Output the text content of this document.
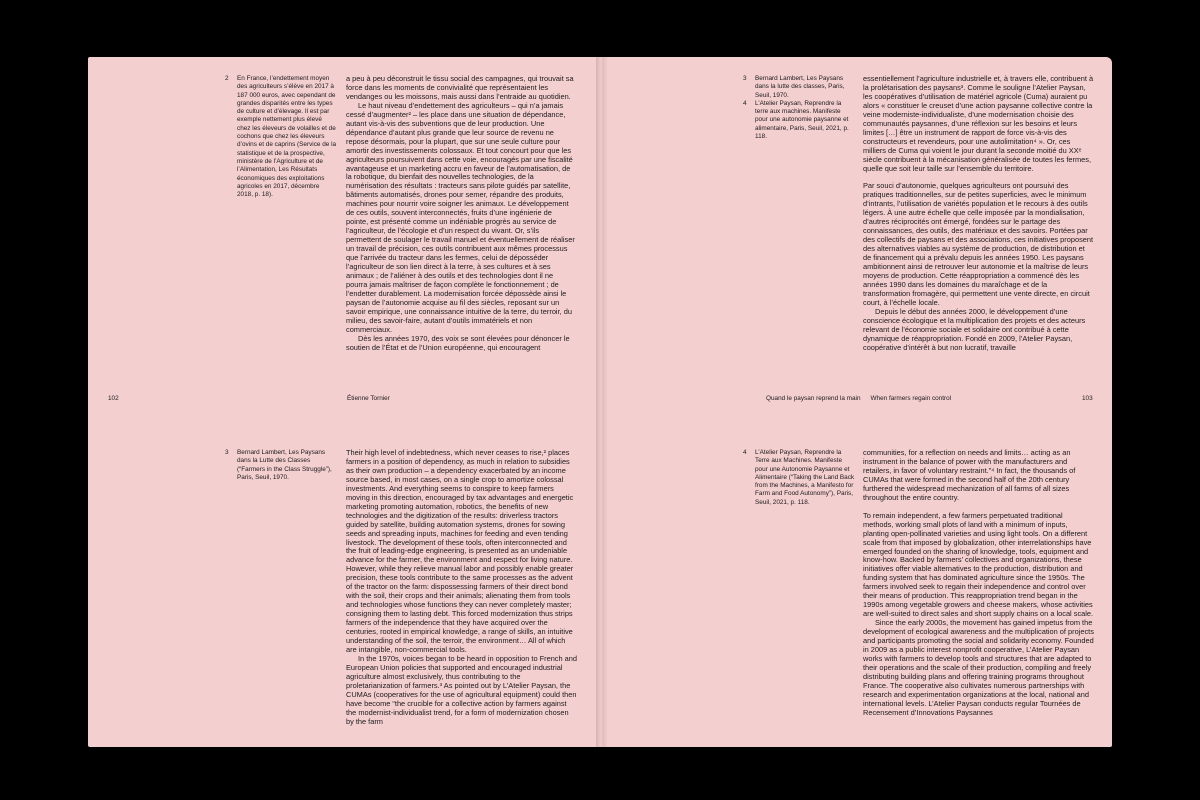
2 En France, l’endettement moyen des agriculteurs s’élève en 2017 à 187 000 euros, avec cependant de grandes disparités entre les types de culture et d’élevage. Il est par exemple nettement plus élevé chez les éleveurs de volailles et de cochons que chez les éleveurs d’ovins et de caprins (Service de la statistique et de la prospective, ministère de l’Agriculture et de l’Alimentation, Les Résultats économiques des exploitations agricoles en 2017, décembre 2018, p. 18).

a peu à peu déconstruit le tissu social des campagnes, qui trouvait sa force dans les moments de convivialité que représentaient les vendanges ou les moissons, mais aussi dans l’entraide au quotidien.

Le haut niveau d’endettement des agriculteurs – qui n’a jamais cessé d’augmenter² – les place dans une situation de dépendance, autant vis-à-vis des subventions que de leur production. Une dépendance d’autant plus grande que leur source de revenu ne repose désormais, pour la plupart, que sur une seule culture pour amortir des investissements colossaux. Et tout concourt pour que les agriculteurs poursuivent dans cette voie, encouragés par une fiscalité avantageuse et un marketing accru en faveur de l’automatisation, de la robotique, du bienfait des nouvelles technologies, de la numérisation des résultats : tracteurs sans pilote guidés par satellite, bâtiments automatisés, drones pour semer, répandre des produits, machines pour nourrir voire soigner les animaux. Le développement de ces outils, souvent interconnectés, fruits d’une ingénierie de pointe, est présenté comme un indéniable progrès au service de l’agriculteur, de l’écologie et d’un respect du vivant. Or, s’ils permettent de soulager le travail manuel et éventuellement de réaliser un travail de précision, ces outils contribuent aux mêmes processus que l’arrivée du tracteur dans les fermes, celui de déposséder l’agriculteur de son lien direct à la terre, à ses cultures et à ses animaux ; de l’aliéner à des outils et des technologies dont il ne pourra jamais maîtriser de façon complète le fonctionnement ; de l’endetter durablement. La modernisation forcée dépossède ainsi le paysan de l’autonomie acquise au fil des siècles, reposant sur un savoir empirique, une connaissance intuitive de la terre, du terroir, du milieu, des savoir-faire, autant d’outils immatériels et non commerciaux.

Dès les années 1970, des voix se sont élevées pour dénoncer le soutien de l’État et de l’Union européenne, qui encouragent

102	Étienne Tornier
3 Bernard Lambert, Les Paysans dans la Lutte des Classes (“Farmers in the Class Struggle”), Paris, Seuil, 1970.

Their high level of indebtedness, which never ceases to rise,² places farmers in a position of dependency, as much in relation to subsidies as their own production – a dependency exacerbated by an income source based, in most cases, on a single crop to amortize colossal investments. And everything seems to conspire to keep farmers moving in this direction, encouraged by tax advantages and energetic marketing promoting automation, robotics, the benefits of new technologies and the digitization of the results: driverless tractors guided by satellite, building automation systems, drones for sowing seeds and spreading inputs, machines for feeding and even tending livestock. The development of these tools, often interconnected and the fruit of leading-edge engineering, is presented as an undeniable advance for the farmer, the environment and respect for living nature. However, while they relieve manual labor and possibly enable greater precision, these tools contribute to the same processes as the advent of the tractor on the farm: dispossessing farmers of their direct bond with the soil, their crops and their animals; alienating them from tools and technologies whose functions they can never completely master; consigning them to lasting debt. This forced modernization thus strips farmers of the independence that they have acquired over the centuries, rooted in empirical knowledge, a range of skills, an intuitive understanding of the soil, the terroir, the environment… All of which are intangible, non-commercial tools.

In the 1970s, voices began to be heard in opposition to French and European Union policies that supported and encouraged industrial agriculture almost exclusively, thus contributing to the proletarianization of farmers.³ As pointed out by L’Atelier Paysan, the CUMAs (cooperatives for the use of agricultural equipment) could then have become “the crucible for a collective action by farmers against the modernist-individualist trend, for a form of modernization chosen by the farm

3 Bernard Lambert, Les Paysans dans la lutte des classes, Paris, Seuil, 1970.
4 L’Atelier Paysan, Reprendre la terre aux machines. Manifeste pour une autonomie paysanne et alimentaire, Paris, Seuil, 2021, p. 118.

essentiellement l’agriculture industrielle et, à travers elle, contribuent à la prolétarisation des paysans³. Comme le souligne l’Atelier Paysan, les coopératives d’utilisation de matériel agricole (Cuma) auraient pu alors « constituer le creuset d’une action paysanne collective contre la veine moderniste-individualiste, d’une modernisation choisie des communautés paysannes, d’une réflexion sur les besoins et leurs limites […] être un instrument de rapport de force vis-à-vis des constructeurs et revendeurs, pour une autolimitation⁴ ». Or, ces milliers de Cuma qui voient le jour durant la seconde moitié du XXᵉ siècle contribuent à la mécanisation généralisée de toutes les fermes, quelle que soit leur taille sur l’ensemble du territoire.

Par souci d’autonomie, quelques agriculteurs ont poursuivi des pratiques traditionnelles, sur de petites superficies, avec le minimum d’intrants, l’utilisation de variétés population et le recours à des outils légers. À une autre échelle que celle imposée par la mondialisation, d’autres réciprocités ont émergé, fondées sur le partage des connaissances, des outils, des matériaux et des savoirs. Portées par des collectifs de paysans et des associations, ces initiatives proposent des alternatives viables au système de production, de distribution et de financement qui a prévalu depuis les années 1950. Les paysans ambitionnent ainsi de retrouver leur autonomie et la maîtrise de leurs moyens de production. Cette réappropriation a commencé dès les années 1990 dans les domaines du maraîchage et de la transformation fromagère, qui permettent une vente directe, en circuit court, à l’échelle locale.

Depuis le début des années 2000, le développement d’une conscience écologique et la multiplication des projets et des acteurs relevant de l’économie sociale et solidaire ont contribué à cette dynamique de réappropriation. Fondé en 2009, l’Atelier Paysan, coopérative d’intérêt à but non lucratif, travaille

Quand le paysan reprend la main When farmers regain control	103
4 L’Atelier Paysan, Reprendre la Terre aux Machines. Manifeste pour une Autonomie Paysanne et Alimentaire (“Taking the Land Back from the Machines, a Manifesto for Farm and Food Autonomy”), Paris, Seuil, 2021, p. 118.

communities, for a reflection on needs and limits… acting as an instrument in the balance of power with the manufacturers and retailers, in favor of voluntary restraint.”⁴ In fact, the thousands of CUMAs that were formed in the second half of the 20th century furthered the widespread mechanization of all farms of all sizes throughout the entire country.

To remain independent, a few farmers perpetuated traditional methods, working small plots of land with a minimum of inputs, planting open-pollinated varieties and using light tools. On a different scale from that imposed by globalization, other interrelationships have emerged founded on the sharing of knowledge, tools, equipment and know-how. Backed by farmers’ collectives and organizations, these initiatives offer viable alternatives to the production, distribution and funding system that has dominated agriculture since the 1950s. The farmers involved seek to regain their independence and control over their means of production. This reappropriation trend began in the 1990s among vegetable growers and cheese makers, whose activities are well-suited to direct sales and short supply chains on a local scale.

Since the early 2000s, the movement has gained impetus from the development of ecological awareness and the multiplication of projects and participants promoting the social and solidarity economy. Founded in 2009 as a public interest nonprofit cooperative, L’Atelier Paysan works with farmers to develop tools and structures that are adapted to their operations and the scale of their production, compiling and freely distributing building plans and offering training programs throughout France. The cooperative also cultivates numerous partnerships with research and experimentation organizations at the local, national and international levels. L’Atelier Paysan conducts regular Tournées de Recensement d’Innovations Paysannes
